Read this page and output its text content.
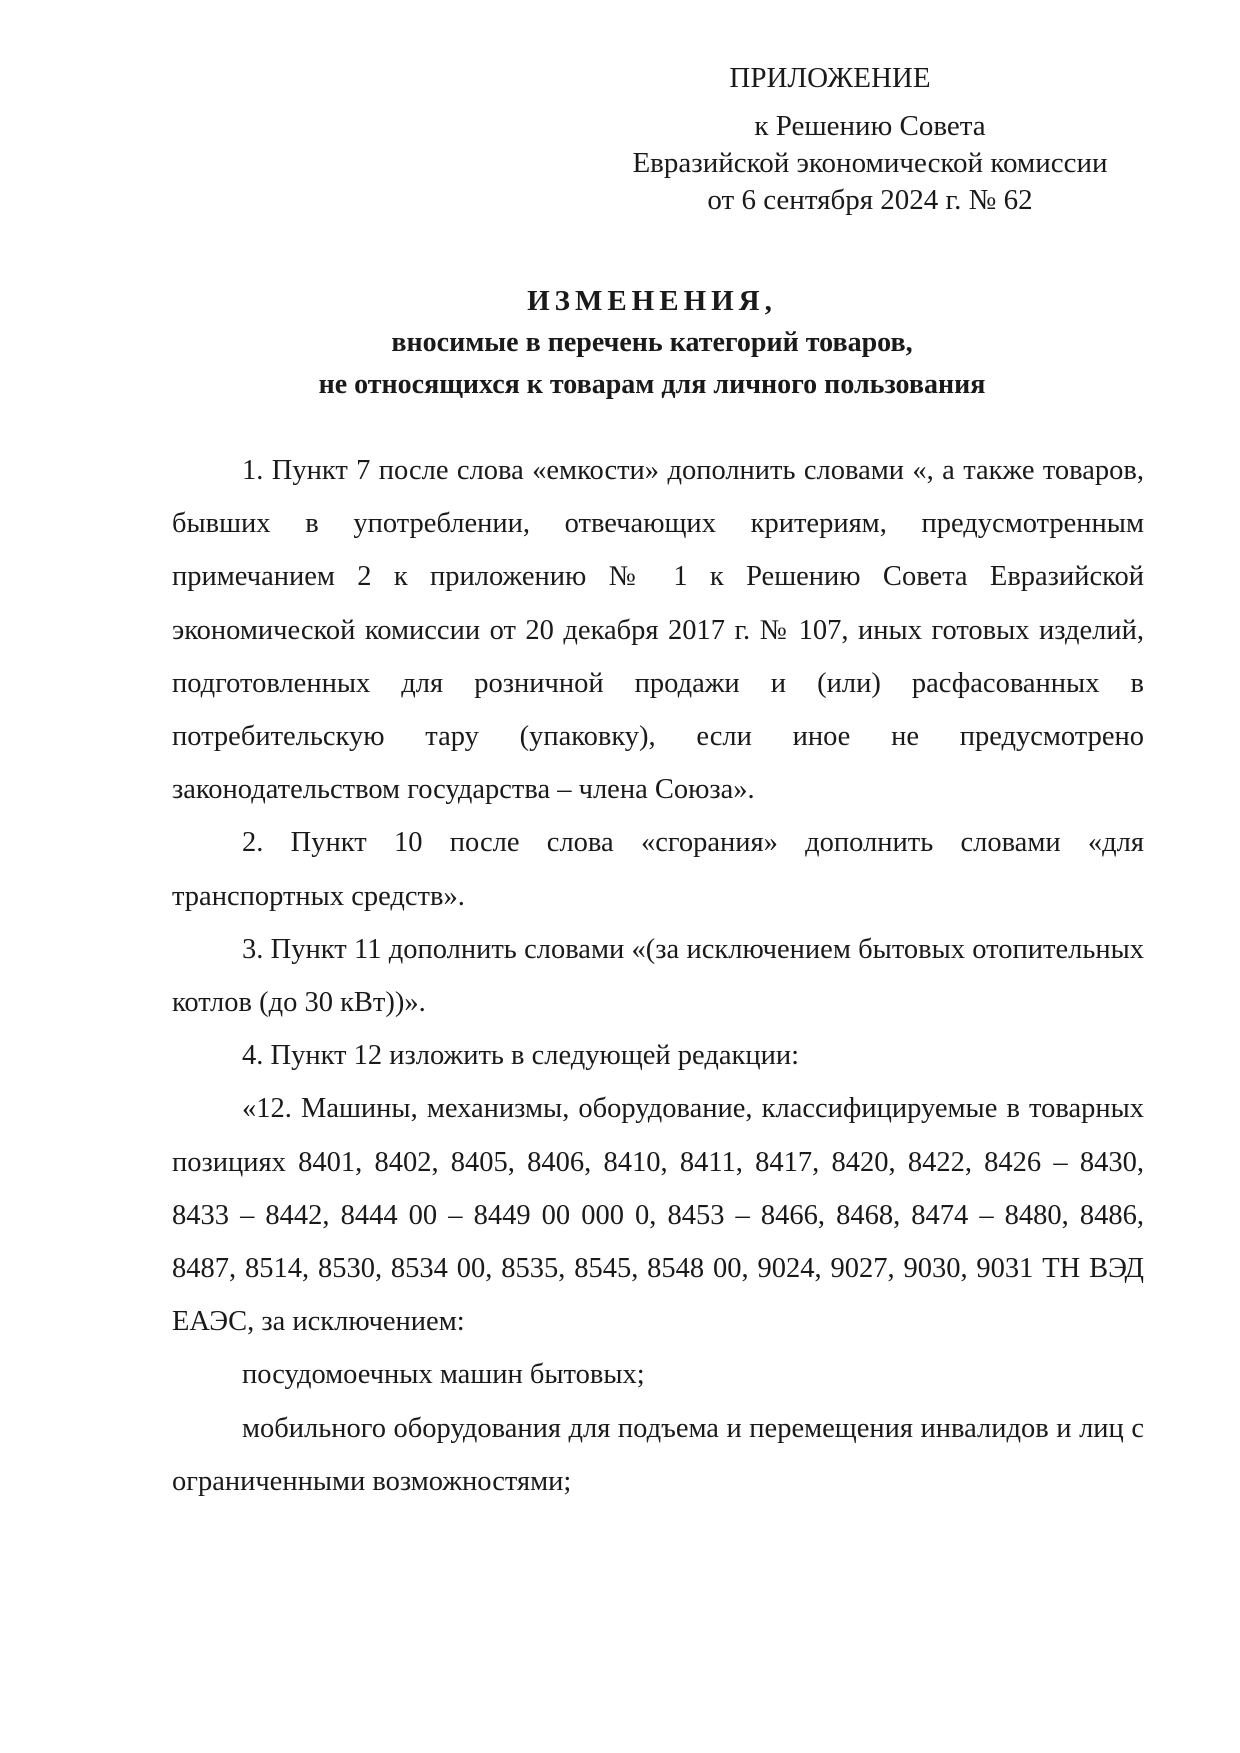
ПРИЛОЖЕНИЕ
к Решению Совета
Евразийской экономической комиссии
от 6 сентября 2024 г. № 62
ИЗМЕНЕНИЯ,
вносимые в перечень категорий товаров,
не относящихся к товарам для личного пользования

1. Пункт 7 после слова «емкости» дополнить словами «, а также товаров, бывших в употреблении, отвечающих критериям, предусмотренным примечанием 2 к приложению № 1 к Решению Совета Евразийской экономической комиссии от 20 декабря 2017 г. № 107, иных готовых изделий, подготовленных для розничной продажи и (или) расфасованных в потребительскую тару (упаковку), если иное не предусмотрено законодательством государства – члена Союза».

2. Пункт 10 после слова «сгорания» дополнить словами «для транспортных средств».

3. Пункт 11 дополнить словами «(за исключением бытовых отопительных котлов (до 30 кВт))».

4. Пункт 12 изложить в следующей редакции:

«12. Машины, механизмы, оборудование, классифицируемые в товарных позициях 8401, 8402, 8405, 8406, 8410, 8411, 8417, 8420, 8422, 8426 – 8430, 8433 – 8442, 8444 00 – 8449 00 000 0, 8453 – 8466, 8468, 8474 – 8480, 8486, 8487, 8514, 8530, 8534 00, 8535, 8545, 8548 00, 9024, 9027, 9030, 9031 ТН ВЭД ЕАЭС, за исключением:

посудомоечных машин бытовых;

мобильного оборудования для подъема и перемещения инвалидов и лиц с ограниченными возможностями;
